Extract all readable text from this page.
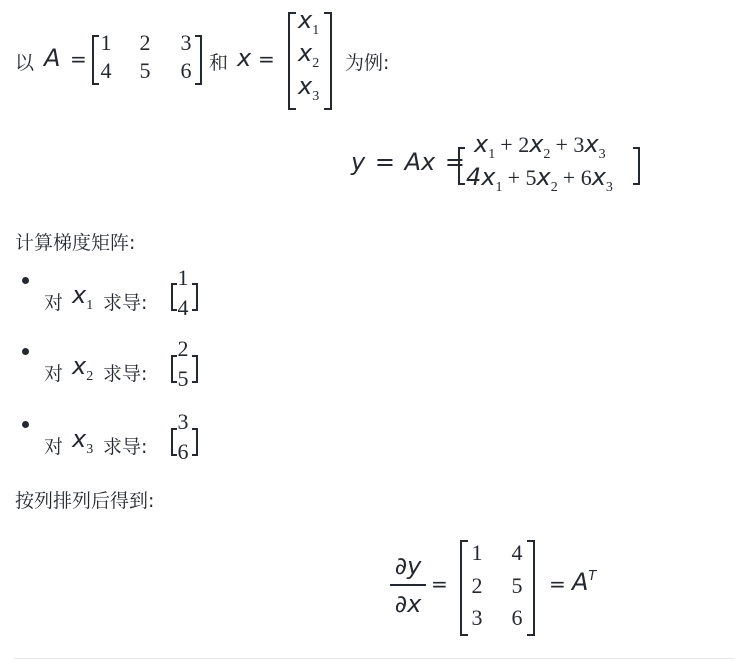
以 A =
1 2 3
4 5 6 和 x =
x1
x2
x3
为例:
y = Ax =
x1 + 2x2 + 3x3
4x1 + 5x2 + 6x3
计算梯度矩阵:
对 x1 求导:
1
4
对 x2 求导:
2
5
对 x3 求导:
3
6
按列排列后得到:
∂y
∂x
=
1 4
2 5
3 6
= $A^T$
